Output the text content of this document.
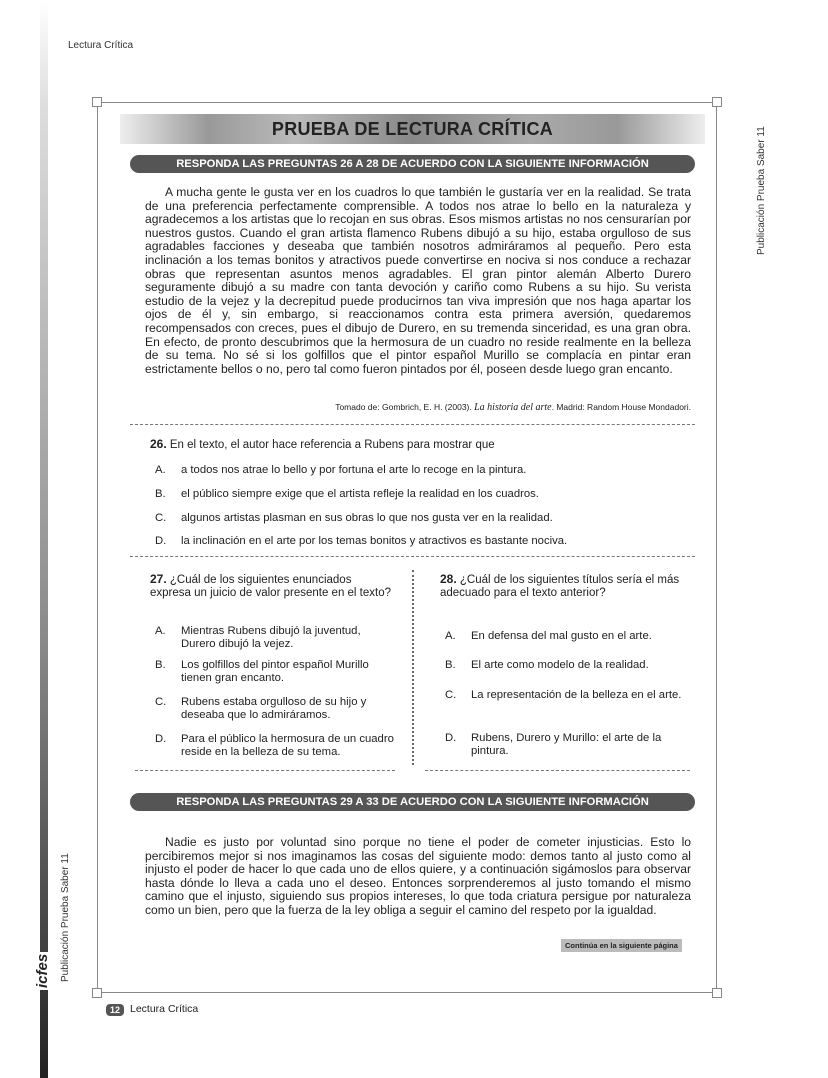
Lectura Crítica
Publicación Prueba Saber 11
Publicación Prueba Saber 11
icfes
PRUEBA DE LECTURA CRÍTICA
RESPONDA LAS PREGUNTAS 26 A 28 DE ACUERDO CON LA SIGUIENTE INFORMACIÓN

A mucha gente le gusta ver en los cuadros lo que también le gustaría ver en la realidad. Se trata de una preferencia perfectamente comprensible. A todos nos atrae lo bello en la naturaleza y agradecemos a los artistas que lo recojan en sus obras. Esos mismos artistas no nos censurarían por nuestros gustos. Cuando el gran artista flamenco Rubens dibujó a su hijo, estaba orgulloso de sus agradables facciones y deseaba que también nosotros admiráramos al pequeño. Pero esta inclinación a los temas bonitos y atractivos puede convertirse en nociva si nos conduce a rechazar obras que representan asuntos menos agradables. El gran pintor alemán Alberto Durero seguramente dibujó a su madre con tanta devoción y cariño como Rubens a su hijo. Su verista estudio de la vejez y la decrepitud puede producirnos tan viva impresión que nos haga apartar los ojos de él y, sin embargo, si reaccionamos contra esta primera aversión, quedaremos recompensados con creces, pues el dibujo de Durero, en su tremenda sinceridad, es una gran obra. En efecto, de pronto descubrimos que la hermosura de un cuadro no reside realmente en la belleza de su tema. No sé si los golfillos que el pintor español Murillo se complacía en pintar eran estrictamente bellos o no, pero tal como fueron pintados por él, poseen desde luego gran encanto.

Tomado de: Gombrich, E. H. (2003). La historia del arte. Madrid: Random House Mondadori.
26. En el texto, el autor hace referencia a Rubens para mostrar que
A.	a todos nos atrae lo bello y por fortuna el arte lo recoge en la pintura.
B.	el público siempre exige que el artista refleje la realidad en los cuadros.
C.	algunos artistas plasman en sus obras lo que nos gusta ver en la realidad.
D.	la inclinación en el arte por los temas bonitos y atractivos es bastante nociva.
27. ¿Cuál de los siguientes enunciados expresa un juicio de valor presente en el texto?
A.	Mientras Rubens dibujó la juventud, Durero dibujó la vejez.
B.	Los golfillos del pintor español Murillo tienen gran encanto.
C.	Rubens estaba orgulloso de su hijo y deseaba que lo admiráramos.
D.	Para el público la hermosura de un cuadro reside en la belleza de su tema.
28. ¿Cuál de los siguientes títulos sería el más adecuado para el texto anterior?
A.	En defensa del mal gusto en el arte.
B.	El arte como modelo de la realidad.
C.	La representación de la belleza en el arte.
D.	Rubens, Durero y Murillo: el arte de la pintura.
RESPONDA LAS PREGUNTAS 29 A 33 DE ACUERDO CON LA SIGUIENTE INFORMACIÓN

Nadie es justo por voluntad sino porque no tiene el poder de cometer injusticias. Esto lo percibiremos mejor si nos imaginamos las cosas del siguiente modo: demos tanto al justo como al injusto el poder de hacer lo que cada uno de ellos quiere, y a continuación sigámoslos para observar hasta dónde lo lleva a cada uno el deseo. Entonces sorprenderemos al justo tomando el mismo camino que el injusto, siguiendo sus propios intereses, lo que toda criatura persigue por naturaleza como un bien, pero que la fuerza de la ley obliga a seguir el camino del respeto por la igualdad.

Continúa en la siguiente página
12 Lectura Crítica
